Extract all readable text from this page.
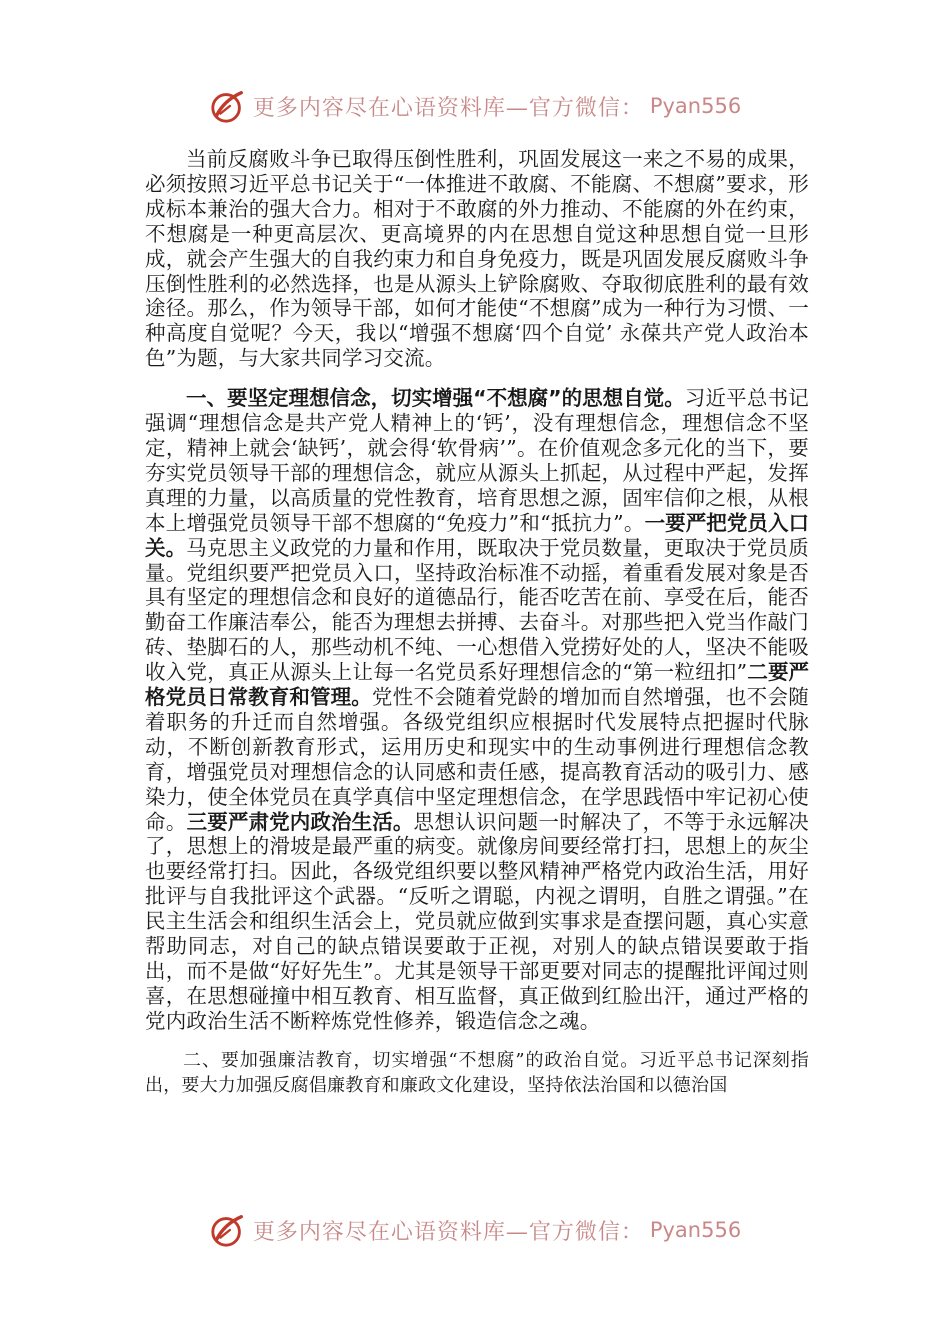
更多内容尽在心语资料库—官方微信： Pyan556

当前反腐败斗争已取得压倒性胜利，巩固发展这一来之不易的成果，必须按照习近平总书记关于“一体推进不敢腐、不能腐、不想腐”要求，形成标本兼治的强大合力。相对于不敢腐的外力推动、不能腐的外在约束，不想腐是一种更高层次、更高境界的内在思想自觉这种思想自觉一旦形成，就会产生强大的自我约束力和自身免疫力，既是巩固发展反腐败斗争压倒性胜利的必然选择，也是从源头上铲除腐败、夺取彻底胜利的最有效途径。那么，作为领导干部，如何才能使“不想腐”成为一种行为习惯、一种高度自觉呢？今天，我以“增强不想腐‘四个自觉’ 永葆共产党人政治本色”为题，与大家共同学习交流。

一、要坚定理想信念，切实增强“不想腐”的思想自觉。习近平总书记强调“理想信念是共产党人精神上的‘钙’，没有理想信念，理想信念不坚定，精神上就会‘缺钙’，就会得‘软骨病’”。在价值观念多元化的当下，要夯实党员领导干部的理想信念，就应从源头上抓起，从过程中严起，发挥真理的力量，以高质量的党性教育，培育思想之源，固牢信仰之根，从根本上增强党员领导干部不想腐的“免疫力”和“抵抗力”。一要严把党员入口关。马克思主义政党的力量和作用，既取决于党员数量，更取决于党员质量。党组织要严把党员入口，坚持政治标准不动摇，着重看发展对象是否具有坚定的理想信念和良好的道德品行，能否吃苦在前、享受在后，能否勤奋工作廉洁奉公，能否为理想去拼搏、去奋斗。对那些把入党当作敲门砖、垫脚石的人，那些动机不纯、一心想借入党捞好处的人，坚决不能吸收入党，真正从源头上让每一名党员系好理想信念的“第一粒纽扣”二要严格党员日常教育和管理。党性不会随着党龄的增加而自然增强，也不会随着职务的升迁而自然增强。各级党组织应根据时代发展特点把握时代脉动，不断创新教育形式，运用历史和现实中的生动事例进行理想信念教育，增强党员对理想信念的认同感和责任感，提高教育活动的吸引力、感染力，使全体党员在真学真信中坚定理想信念，在学思践悟中牢记初心使命。三要严肃党内政治生活。思想认识问题一时解决了，不等于永远解决了，思想上的滑坡是最严重的病变。就像房间要经常打扫，思想上的灰尘也要经常打扫。因此，各级党组织要以整风精神严格党内政治生活，用好批评与自我批评这个武器。“反听之谓聪，内视之谓明，自胜之谓强。”在民主生活会和组织生活会上，党员就应做到实事求是查摆问题，真心实意帮助同志，对自己的缺点错误要敢于正视，对别人的缺点错误要敢于指出，而不是做“好好先生”。尤其是领导干部更要对同志的提醒批评闻过则喜，在思想碰撞中相互教育、相互监督，真正做到红脸出汗，通过严格的党内政治生活不断粹炼党性修养，锻造信念之魂。

二、要加强廉洁教育，切实增强“不想腐”的政治自觉。习近平总书记深刻指出，要大力加强反腐倡廉教育和廉政文化建设，坚持依法治国和以德治国

更多内容尽在心语资料库—官方微信： Pyan556
